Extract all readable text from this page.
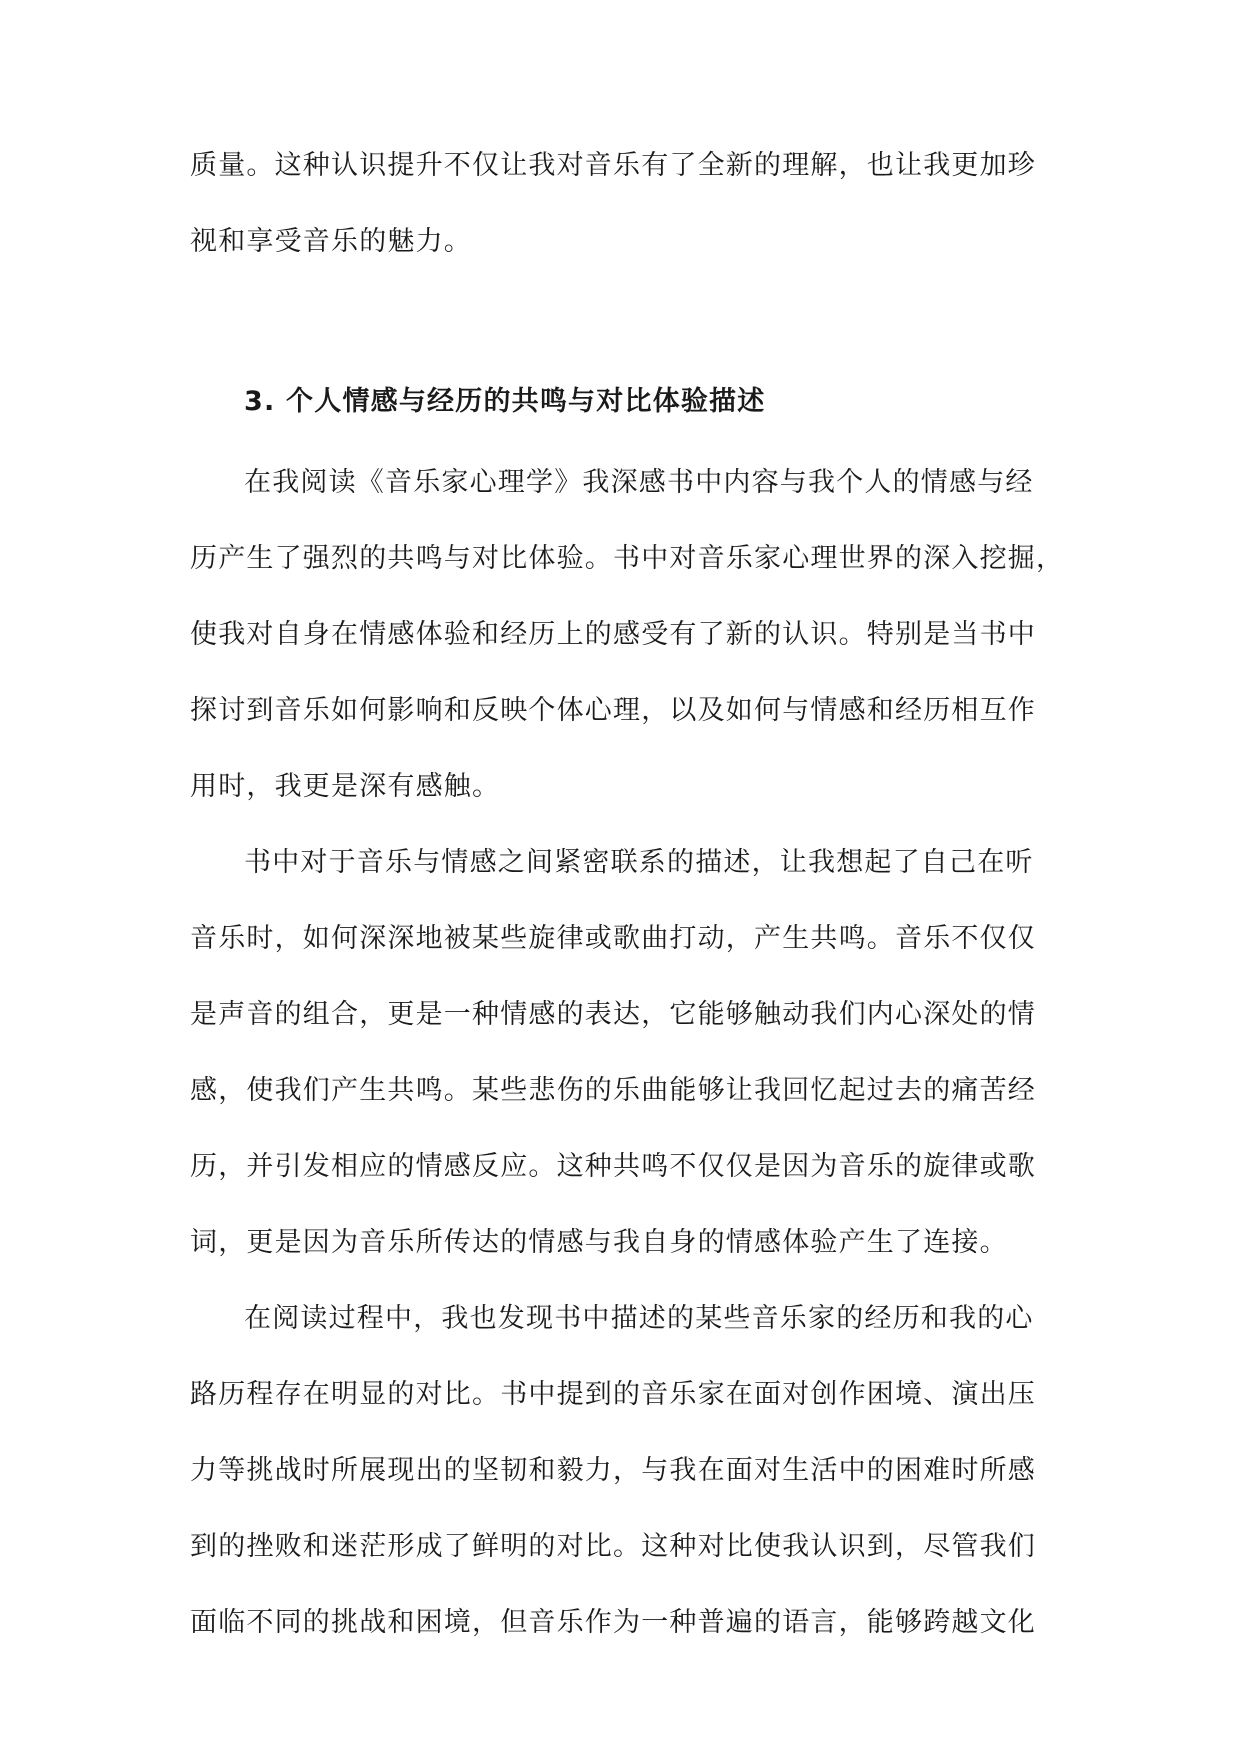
质量。这种认识提升不仅让我对音乐有了全新的理解，也让我更加珍
视和享受音乐的魅力。
3. 个人情感与经历的共鸣与对比体验描述
在我阅读《音乐家心理学》我深感书中内容与我个人的情感与经
历产生了强烈的共鸣与对比体验。书中对音乐家心理世界的深入挖掘，
使我对自身在情感体验和经历上的感受有了新的认识。特别是当书中
探讨到音乐如何影响和反映个体心理，以及如何与情感和经历相互作
用时，我更是深有感触。
书中对于音乐与情感之间紧密联系的描述，让我想起了自己在听
音乐时，如何深深地被某些旋律或歌曲打动，产生共鸣。音乐不仅仅
是声音的组合，更是一种情感的表达，它能够触动我们内心深处的情
感，使我们产生共鸣。某些悲伤的乐曲能够让我回忆起过去的痛苦经
历，并引发相应的情感反应。这种共鸣不仅仅是因为音乐的旋律或歌
词，更是因为音乐所传达的情感与我自身的情感体验产生了连接。
在阅读过程中，我也发现书中描述的某些音乐家的经历和我的心
路历程存在明显的对比。书中提到的音乐家在面对创作困境、演出压
力等挑战时所展现出的坚韧和毅力，与我在面对生活中的困难时所感
到的挫败和迷茫形成了鲜明的对比。这种对比使我认识到，尽管我们
面临不同的挑战和困境，但音乐作为一种普遍的语言，能够跨越文化
